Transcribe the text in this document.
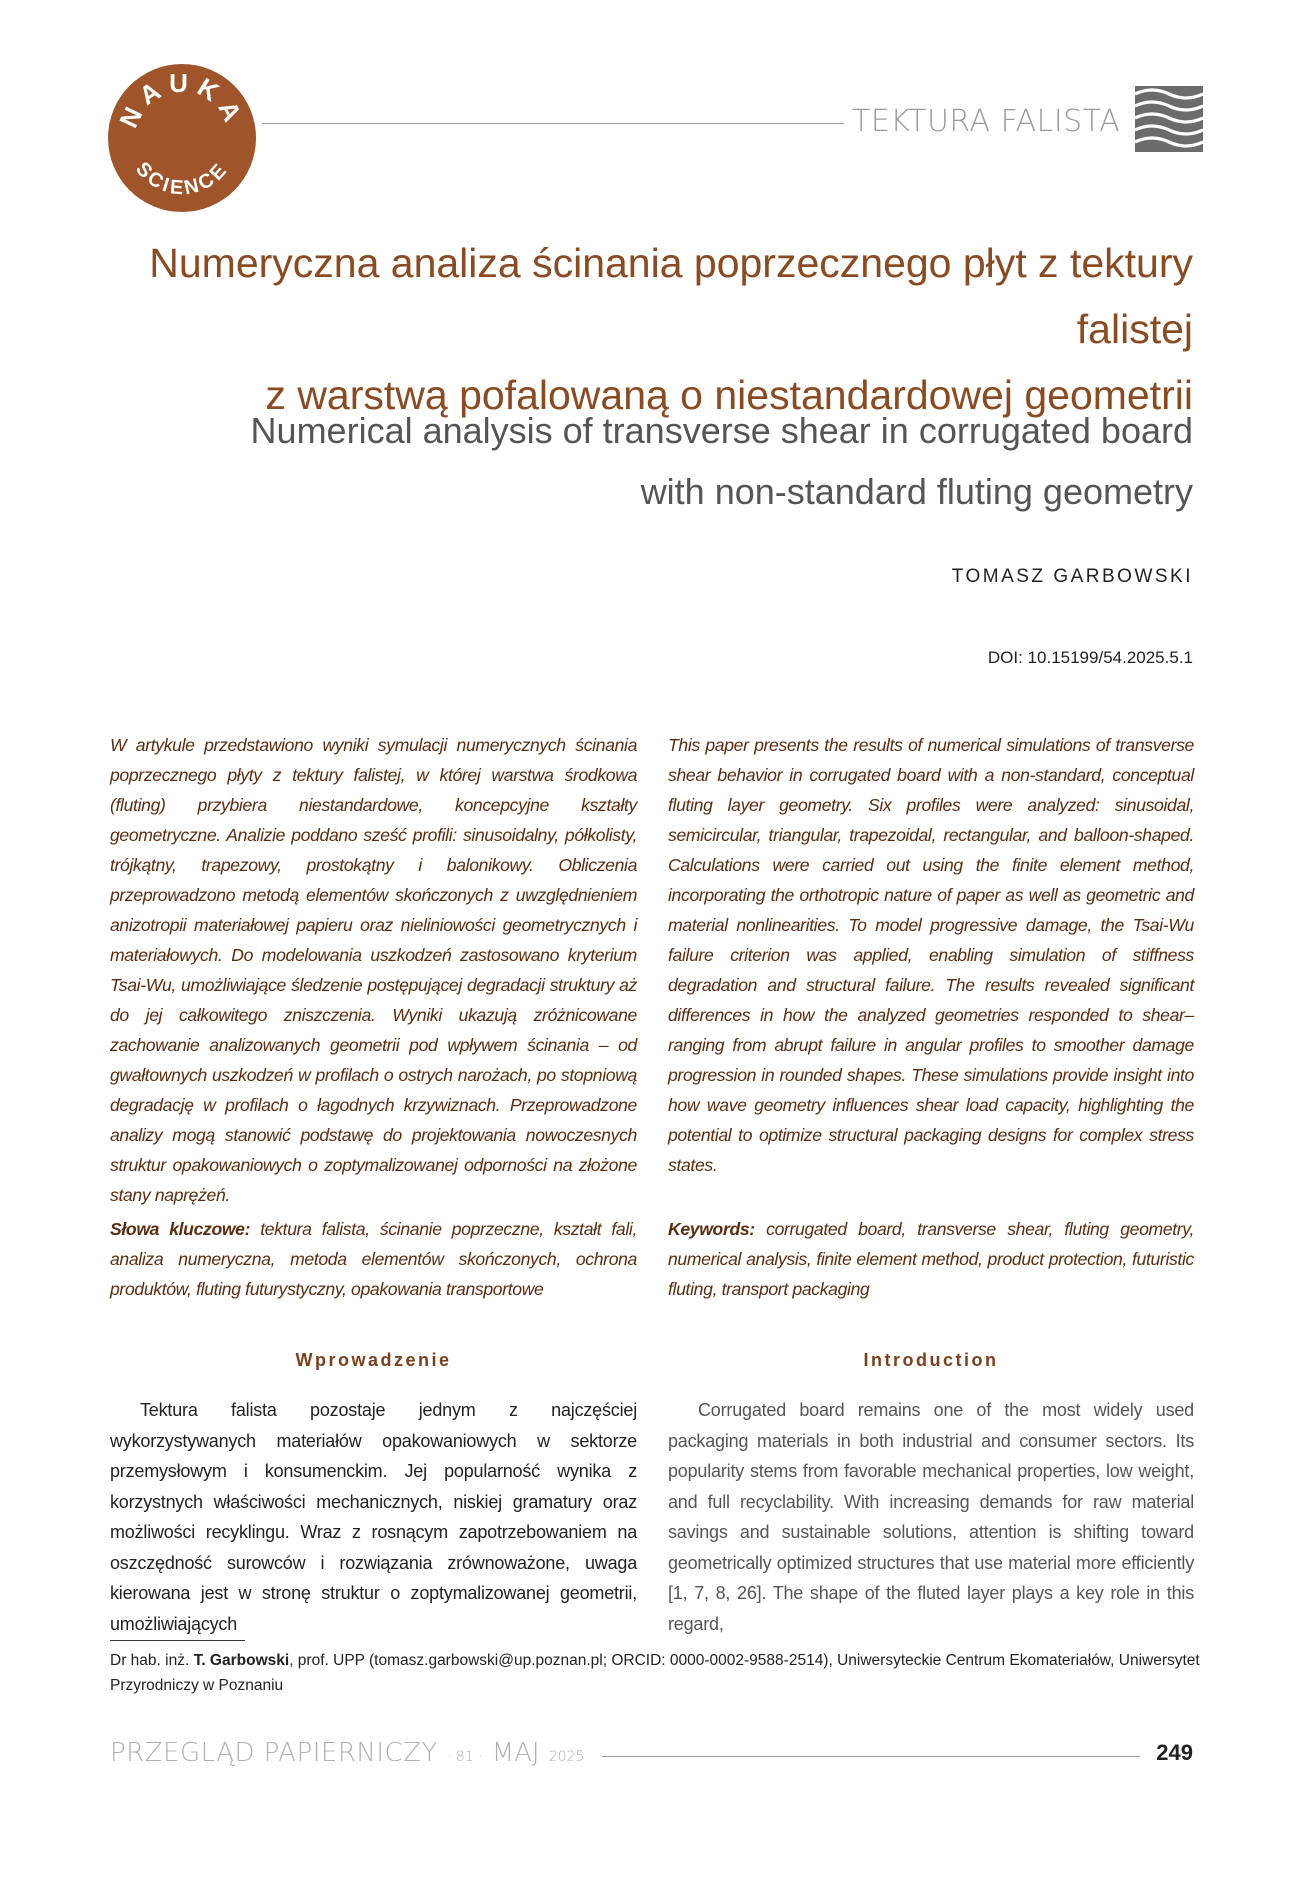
NAUKA
SCIENCE
TEKTURA FALISTA
Numeryczna analiza ścinania poprzecznego płyt z tektury falistej
z warstwą pofalowaną o niestandardowej geometrii
Numerical analysis of transverse shear in corrugated board
with non-standard fluting geometry
TOMASZ GARBOWSKI
DOI: 10.15199/54.2025.5.1
W artykule przedstawiono wyniki symulacji numerycznych ścinania poprzecznego płyty z tektury falistej, w której warstwa środkowa (fluting) przybiera niestandardowe, koncepcyjne kształty geometryczne. Analizie poddano sześć profili: sinusoidalny, półkolisty, trójkątny, trapezowy, prostokątny i balonikowy. Obliczenia przeprowadzono metodą elementów skończonych z uwzględnieniem anizotropii materiałowej papieru oraz nieliniowości geometrycznych i materiałowych. Do modelowania uszkodzeń zastosowano kryterium Tsai-Wu, umożliwiające śledzenie postępującej degradacji struktury aż do jej całkowitego zniszczenia. Wyniki ukazują zróżnicowane zachowanie analizowanych geometrii pod wpływem ścinania – od gwałtownych uszkodzeń w profilach o ostrych narożach, po stopniową degradację w profilach o łagodnych krzywiznach. Przeprowadzone analizy mogą stanowić podstawę do projektowania nowoczesnych struktur opakowaniowych o zoptymalizowanej odporności na złożone stany naprężeń.
Słowa kluczowe: tektura falista, ścinanie poprzeczne, kształt fali, analiza numeryczna, metoda elementów skończonych, ochrona produktów, fluting futurystyczny, opakowania transportowe
This paper presents the results of numerical simulations of transverse shear behavior in corrugated board with a non-standard, conceptual fluting layer geometry. Six profiles were analyzed: sinusoidal, semicircular, triangular, trapezoidal, rectangular, and balloon-shaped. Calculations were carried out using the finite element method, incorporating the orthotropic nature of paper as well as geometric and material nonlinearities. To model progressive damage, the Tsai-Wu failure criterion was applied, enabling simulation of stiffness degradation and structural failure. The results revealed significant differences in how the analyzed geometries responded to shear–ranging from abrupt failure in angular profiles to smoother damage progression in rounded shapes. These simulations provide insight into how wave geometry influences shear load capacity, highlighting the potential to optimize structural packaging designs for complex stress states.
Keywords: corrugated board, transverse shear, fluting geometry, numerical analysis, finite element method, product protection, futuristic fluting, transport packaging
Wprowadzenie	Introduction

Tektura falista pozostaje jednym z najczęściej wykorzystywanych materiałów opakowaniowych w sektorze przemysłowym i konsumenckim. Jej popularność wynika z korzystnych właściwości mechanicznych, niskiej gramatury oraz możliwości recyklingu. Wraz z rosnącym zapotrzebowaniem na oszczędność surowców i rozwiązania zrównoważone, uwaga kierowana jest w stronę struktur o zoptymalizowanej geometrii, umożliwiających

Corrugated board remains one of the most widely used packaging materials in both industrial and consumer sectors. Its popularity stems from favorable mechanical properties, low weight, and full recyclability. With increasing demands for raw material savings and sustainable solutions, attention is shifting toward geometrically optimized structures that use material more efficiently [1, 7, 8, 26]. The shape of the fluted layer plays a key role in this regard,

Dr hab. inż. T. Garbowski, prof. UPP (tomasz.garbowski@up.poznan.pl; ORCID: 0000-0002-9588-2514), Uniwersyteckie Centrum Ekomateriałów, Uniwersytet Przyrodniczy w Poznaniu
PRZEGLĄD PAPIERNICZY · 81 · MAJ 2025	249
